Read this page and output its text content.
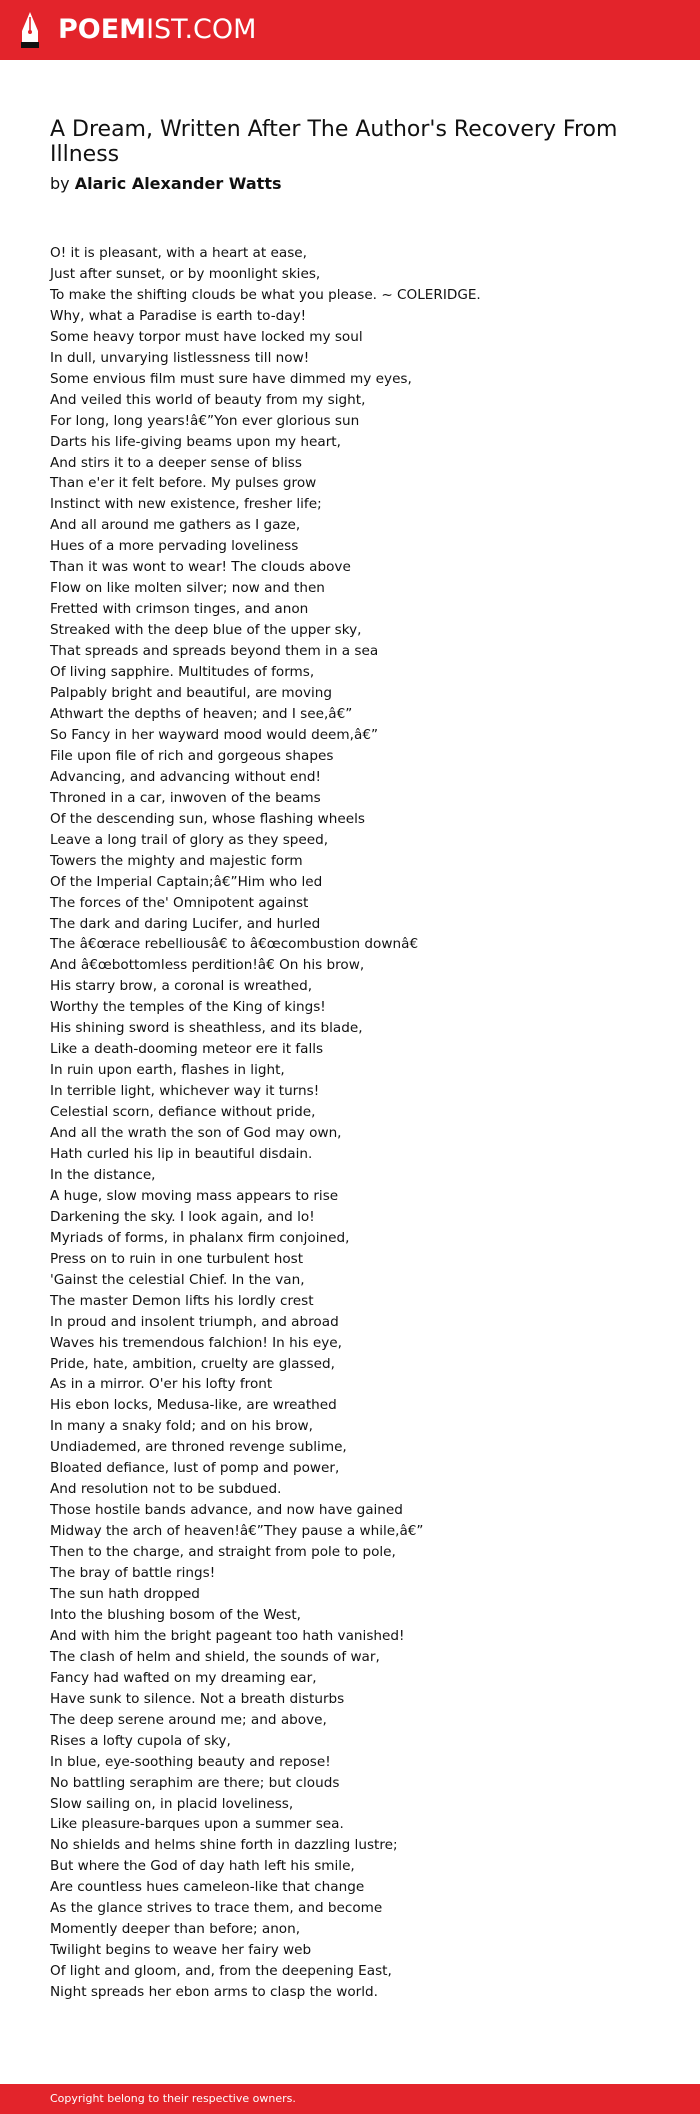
POEMIST.COM
A Dream, Written After The Author's Recovery From Illness
by Alaric Alexander Watts
O! it is pleasant, with a heart at ease,
Just after sunset, or by moonlight skies,
To make the shifting clouds be what you please. ~ COLERIDGE.
Why, what a Paradise is earth to-day!
Some heavy torpor must have locked my soul
In dull, unvarying listlessness till now!
Some envious film must sure have dimmed my eyes,
And veiled this world of beauty from my sight,
For long, long years!â€”Yon ever glorious sun
Darts his life-giving beams upon my heart,
And stirs it to a deeper sense of bliss
Than e'er it felt before. My pulses grow
Instinct with new existence, fresher life;
And all around me gathers as I gaze,
Hues of a more pervading loveliness
Than it was wont to wear! The clouds above
Flow on like molten silver; now and then
Fretted with crimson tinges, and anon
Streaked with the deep blue of the upper sky,
That spreads and spreads beyond them in a sea
Of living sapphire. Multitudes of forms,
Palpably bright and beautiful, are moving
Athwart the depths of heaven; and I see,â€”
So Fancy in her wayward mood would deem,â€”
File upon file of rich and gorgeous shapes
Advancing, and advancing without end!
Throned in a car, inwoven of the beams
Of the descending sun, whose flashing wheels
Leave a long trail of glory as they speed,
Towers the mighty and majestic form
Of the Imperial Captain;â€”Him who led
The forces of the' Omnipotent against
The dark and daring Lucifer, and hurled
The â€œrace rebelliousâ€ to â€œcombustion downâ€
And â€œbottomless perdition!â€ On his brow,
His starry brow, a coronal is wreathed,
Worthy the temples of the King of kings!
His shining sword is sheathless, and its blade,
Like a death-dooming meteor ere it falls
In ruin upon earth, flashes in light,
In terrible light, whichever way it turns!
Celestial scorn, defiance without pride,
And all the wrath the son of God may own,
Hath curled his lip in beautiful disdain.
In the distance,
A huge, slow moving mass appears to rise
Darkening the sky. I look again, and lo!
Myriads of forms, in phalanx firm conjoined,
Press on to ruin in one turbulent host
'Gainst the celestial Chief. In the van,
The master Demon lifts his lordly crest
In proud and insolent triumph, and abroad
Waves his tremendous falchion! In his eye,
Pride, hate, ambition, cruelty are glassed,
As in a mirror. O'er his lofty front
His ebon locks, Medusa-like, are wreathed
In many a snaky fold; and on his brow,
Undiademed, are throned revenge sublime,
Bloated defiance, lust of pomp and power,
And resolution not to be subdued.
Those hostile bands advance, and now have gained
Midway the arch of heaven!â€”They pause a while,â€”
Then to the charge, and straight from pole to pole,
The bray of battle rings!
The sun hath dropped
Into the blushing bosom of the West,
And with him the bright pageant too hath vanished!
The clash of helm and shield, the sounds of war,
Fancy had wafted on my dreaming ear,
Have sunk to silence. Not a breath disturbs
The deep serene around me; and above,
Rises a lofty cupola of sky,
In blue, eye-soothing beauty and repose!
No battling seraphim are there; but clouds
Slow sailing on, in placid loveliness,
Like pleasure-barques upon a summer sea.
No shields and helms shine forth in dazzling lustre;
But where the God of day hath left his smile,
Are countless hues cameleon-like that change
As the glance strives to trace them, and become
Momently deeper than before; anon,
Twilight begins to weave her fairy web
Of light and gloom, and, from the deepening East,
Night spreads her ebon arms to clasp the world.
Copyright belong to their respective owners.
